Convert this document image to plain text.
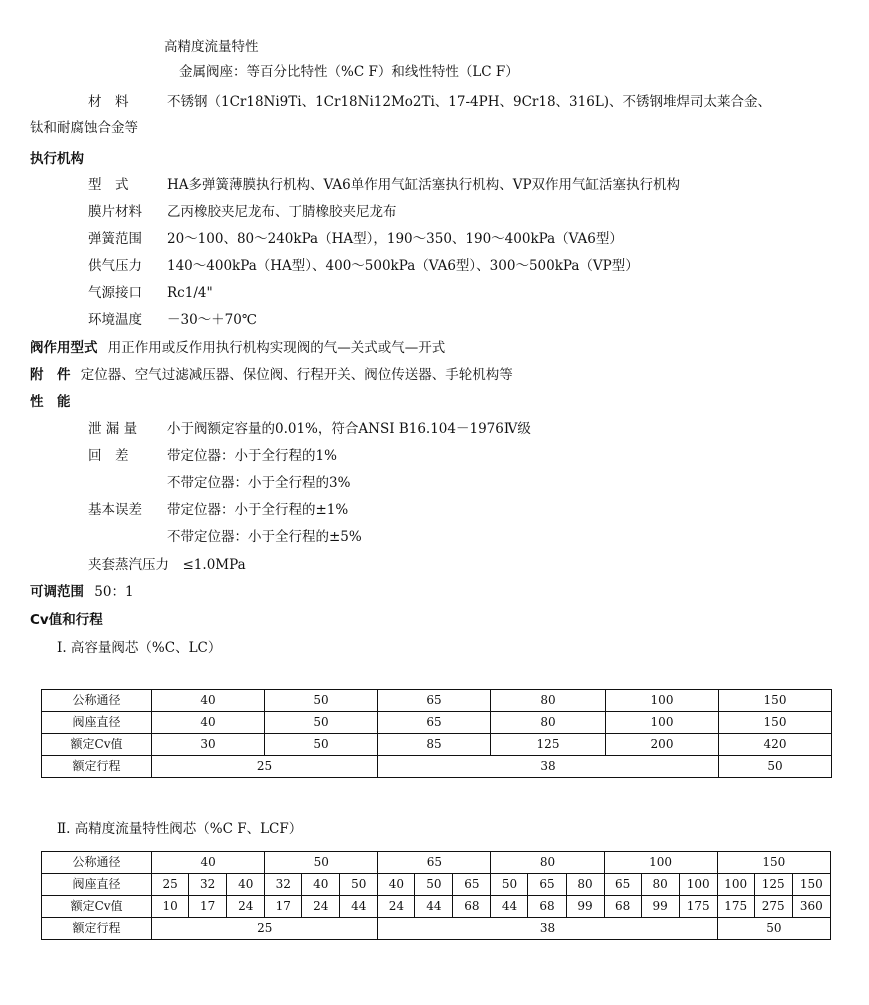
高精度流量特性
金属阀座：等百分比特性（%C F）和线性特性（LC F）
材　料	不锈钢（1Cr18Ni9Ti、1Cr18Ni12Mo2Ti、17-4PH、9Cr18、316L)、不锈钢堆焊司太莱合金、
钛和耐腐蚀合金等
执行机构
型　式	HA多弹簧薄膜执行机构、VA6单作用气缸活塞执行机构、VP双作用气缸活塞执行机构
膜片材料 乙丙橡胶夹尼龙布、丁腈橡胶夹尼龙布
弹簧范围 20～100、80～240kPa（HA型），190～350、190～400kPa（VA6型）
供气压力 140～400kPa（HA型）、400～500kPa（VA6型）、300～500kPa（VP型）
气源接口 Rc1/4"
环境温度 －30～＋70℃
阀作用型式 用正作用或反作用执行机构实现阀的气—关式或气—开式
附　件 定位器、空气过滤减压器、保位阀、行程开关、阀位传送器、手轮机构等
性　能
泄 漏 量 小于阀额定容量的0.01%，符合ANSI B16.104－1976Ⅳ级
回　差	带定位器：小于全行程的1%
不带定位器：小于全行程的3%
基本误差 带定位器：小于全行程的±1%
不带定位器：小于全行程的±5%
夹套蒸汽压力　≤1.0MPa
可调范围 50：1
Cv值和行程
Ⅰ. 高容量阀芯（%C、LC）
公称通径	40	50	65	80	100	150
阀座直径	40	50	65	80	100	150
额定Cv值	30	50	85	125	200	420
额定行程	25		38			50
Ⅱ. 高精度流量特性阀芯（%C F、LCF）
公称通径	40			50			65			80			100			150		
阀座直径	25	32	40	32	40	50	40	50	65	50	65	80	65	80	100	100	125	150
额定Cv值	10	17	24	17	24	44	24	44	68	44	68	99	68	99	175	175	275	360
额定行程	25						38									50		
